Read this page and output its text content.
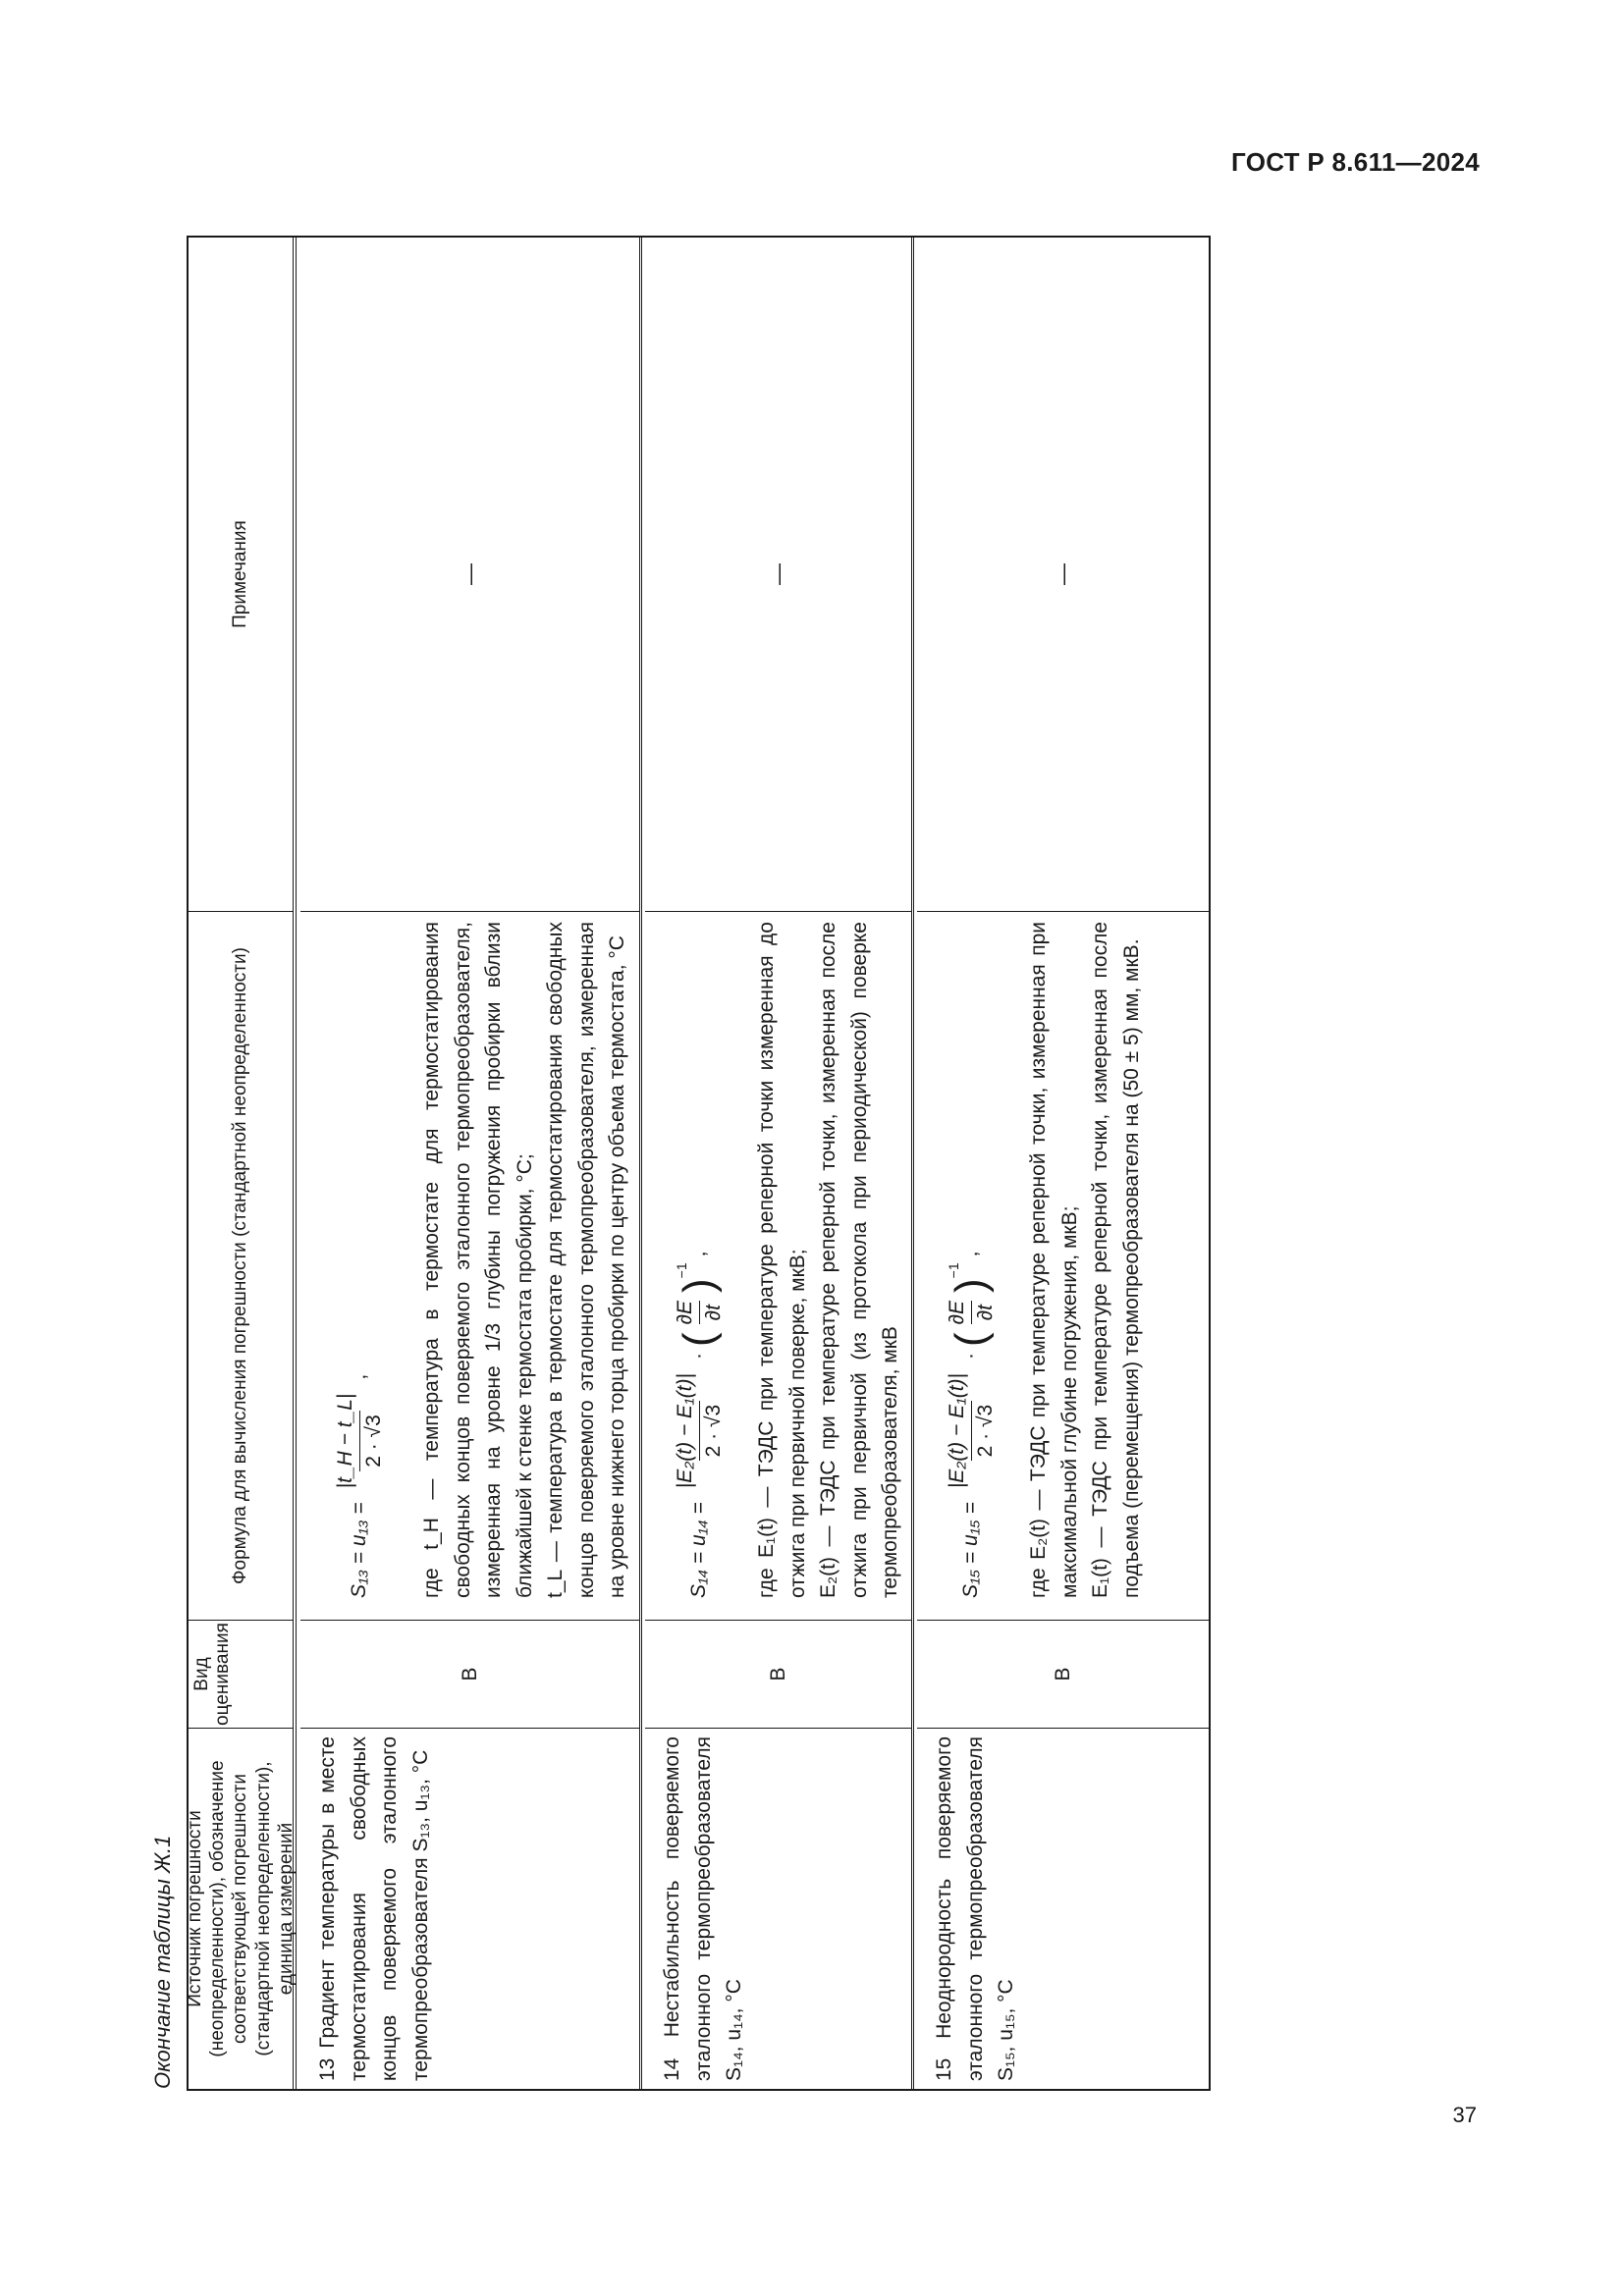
ГОСТ Р 8.611—2024
37
Окончание таблицы Ж.1 Источник погрешности (неопределенности), обозначение соответствующей погрешности (стандартной неопределенности), единица измерений
Вид оценивания
Формула для вычисления погрешности (стандартной неопределенности)
Примечания
13 Градиент температуры в месте термостатирования свободных концов поверяемого эталонного термопреобразователя S₁₃, u₁₃, °C
В
S₁₃ = u₁₃ =
|t_H − t_L| 2 · √3
, где t_H — температура в термостате для термостатирования свободных концов поверяемого эталонного термопреобразователя, измеренная на уровне 1/3 глубины погружения пробирки вблизи ближайшей к стенке термостата пробирки, °C; t_L — температура в термостате для термостатирования свободных концов поверяемого эталонного термопреобразователя, измеренная на уровне нижнего торца пробирки по центру объема термостата, °C

—
14 Нестабильность поверяемого эталонного термопреобразователя S₁₄, u₁₄, °C
В
S₁₄ = u₁₄ =
|E₂(t) − E₁(t)| 2 · √3
·
(
∂E ∂t
)
−1
, где E₁(t) — ТЭДС при температуре реперной точки измеренная до отжига при первичной поверке, мкВ; E₂(t) — ТЭДС при температуре реперной точки, измеренная после отжига при первичной (из протокола при периодической) поверке термопреобразователя, мкВ

—
15 Неоднородность поверяемого эталонного термопреобразователя S₁₅, u₁₅, °C
В
S₁₅ = u₁₅ =
|E₂(t) − E₁(t)| 2 · √3
·
(
∂E ∂t
)
−1
, где E₂(t) — ТЭДС при температуре реперной точки, измеренная при максимальной глубине погружения, мкВ; E₁(t) — ТЭДС при температуре реперной точки, измеренная после подъема (перемещения) термопреобразователя на (50 ± 5) мм, мкВ.

—
